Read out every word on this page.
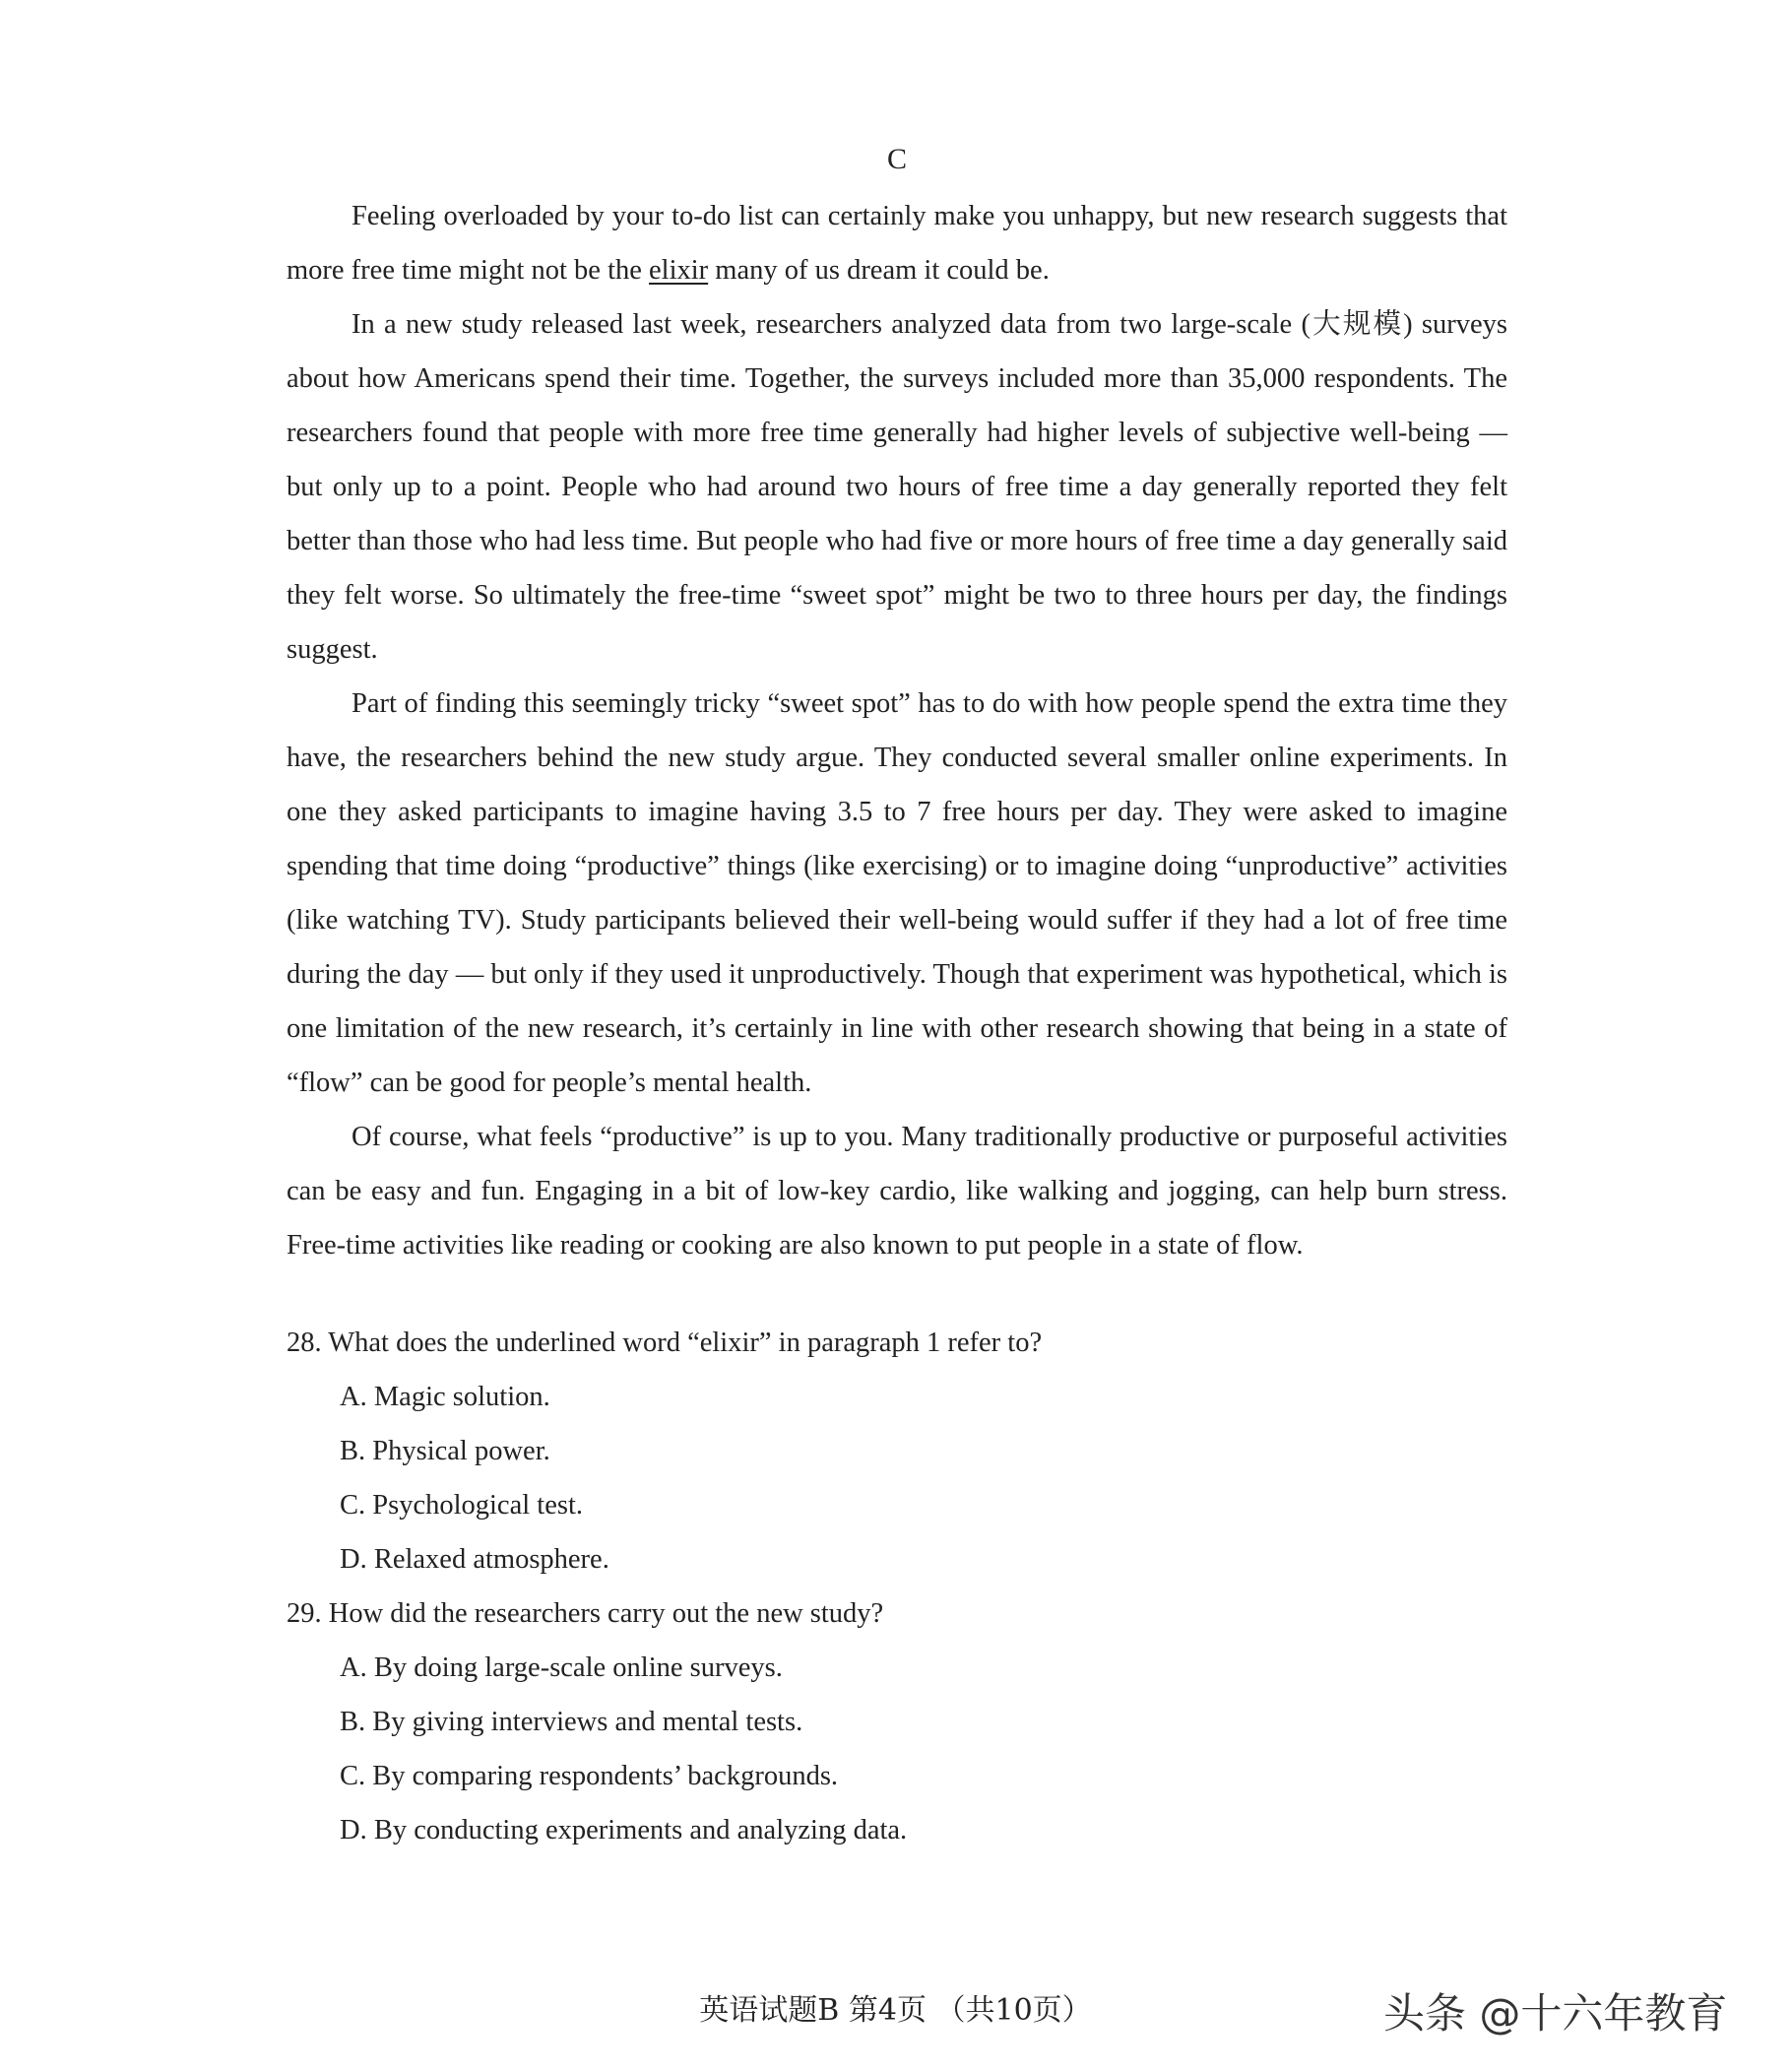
C

Feeling overloaded by your to-do list can certainly make you unhappy, but new research suggests that more free time might not be the elixir many of us dream it could be.

In a new study released last week, researchers analyzed data from two large-scale (大规模) surveys about how Americans spend their time. Together, the surveys included more than 35,000 respondents. The researchers found that people with more free time generally had higher levels of subjective well-being — but only up to a point. People who had around two hours of free time a day generally reported they felt better than those who had less time. But people who had five or more hours of free time a day generally said they felt worse. So ultimately the free-time “sweet spot” might be two to three hours per day, the findings suggest.

Part of finding this seemingly tricky “sweet spot” has to do with how people spend the extra time they have, the researchers behind the new study argue. They conducted several smaller online experiments. In one they asked participants to imagine having 3.5 to 7 free hours per day. They were asked to imagine spending that time doing “productive” things (like exercising) or to imagine doing “unproductive” activities (like watching TV). Study participants believed their well-being would suffer if they had a lot of free time during the day — but only if they used it unproductively. Though that experiment was hypothetical, which is one limitation of the new research, it’s certainly in line with other research showing that being in a state of “flow” can be good for people’s mental health.

Of course, what feels “productive” is up to you. Many traditionally productive or purposeful activities can be easy and fun. Engaging in a bit of low-key cardio, like walking and jogging, can help burn stress. Free-time activities like reading or cooking are also known to put people in a state of flow.

28. What does the underlined word “elixir” in paragraph 1 refer to?

A. Magic solution.

B. Physical power.

C. Psychological test.

D. Relaxed atmosphere.

29. How did the researchers carry out the new study?

A. By doing large-scale online surveys.

B. By giving interviews and mental tests.

C. By comparing respondents’ backgrounds.

D. By conducting experiments and analyzing data.

英语试题B 第4页 （共10页）	头条 @十六年教育
